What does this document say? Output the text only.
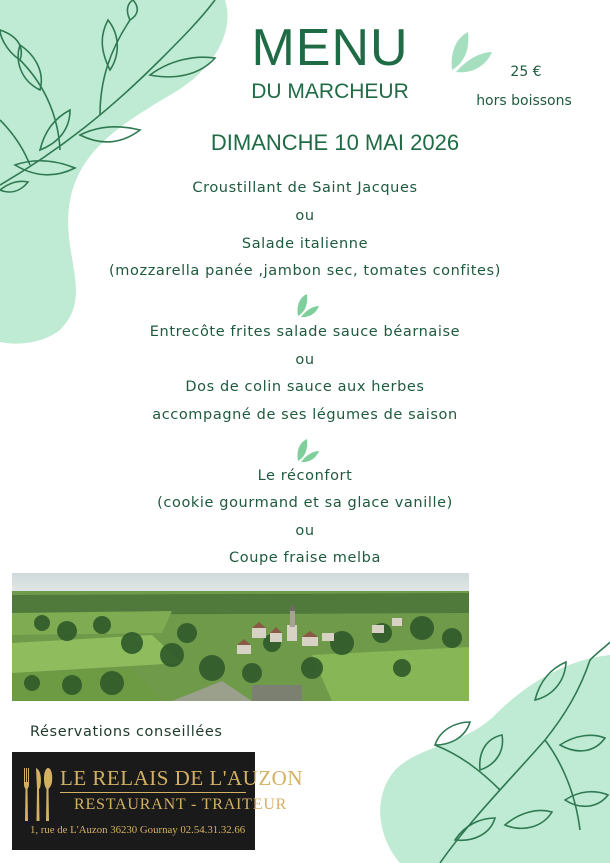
MENU
DU MARCHEUR
25 €
hors boissons
DIMANCHE 10 MAI 2026
Croustillant de Saint Jacques
ou
Salade italienne
(mozzarella panée ,jambon sec, tomates confites)
Entrecôte frites salade sauce béarnaise
ou
Dos de colin sauce aux herbes
accompagné de ses légumes de saison
Le réconfort
(cookie gourmand et sa glace vanille)
ou
Coupe fraise melba
Réservations conseillées
LE RELAIS DE L'AUZON
RESTAURANT - TRAITEUR
1, rue de L'Auzon 36230 Gournay 02.54.31.32.66
